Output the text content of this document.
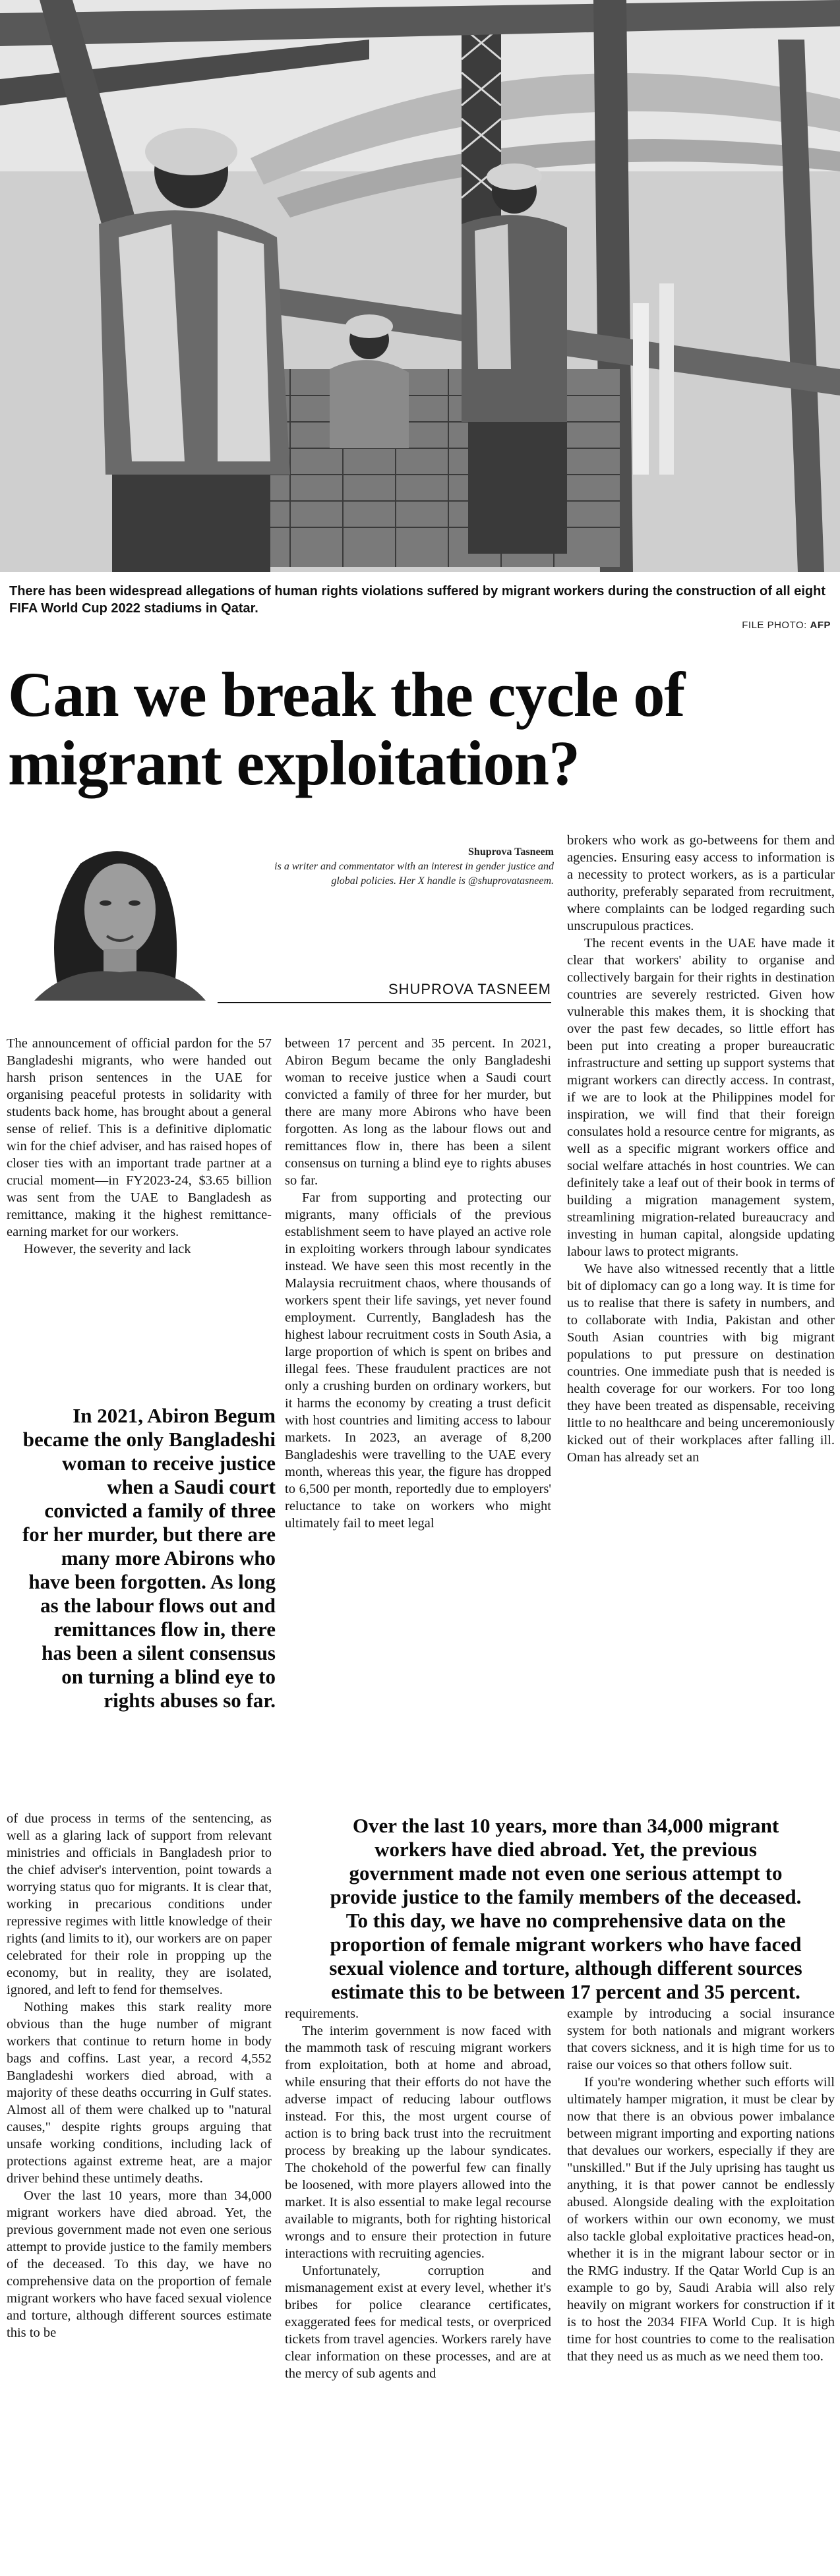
There has been widespread allegations of human rights violations suffered by migrant workers during the construction of all eight FIFA World Cup 2022 stadiums in Qatar.
FILE PHOTO: AFP
Can we break the cycle of migrant exploitation?
Shuprova Tasneem
is a writer and commentator with an interest in gender justice and global policies. Her X handle is @shuprovatasneem.
SHUPROVA TASNEEM

The announcement of official pardon for the 57 Bangladeshi migrants, who were handed out harsh prison sentences in the UAE for organising peaceful protests in solidarity with students back home, has brought about a general sense of relief. This is a definitive diplomatic win for the chief adviser, and has raised hopes of closer ties with an important trade partner at a crucial moment—in FY2023-24, $3.65 billion was sent from the UAE to Bangladesh as remittance, making it the highest remittance-earning market for our workers.

However, the severity and lack

In 2021, Abiron Begum became the only Bangladeshi woman to receive justice when a Saudi court convicted a family of three for her murder, but there are many more Abirons who have been forgotten. As long as the labour flows out and remittances flow in, there has been a silent consensus on turning a blind eye to rights abuses so far.

between 17 percent and 35 percent. In 2021, Abiron Begum became the only Bangladeshi woman to receive justice when a Saudi court convicted a family of three for her murder, but there are many more Abirons who have been forgotten. As long as the labour flows out and remittances flow in, there has been a silent consensus on turning a blind eye to rights abuses so far.

Far from supporting and protecting our migrants, many officials of the previous establishment seem to have played an active role in exploiting workers through labour syndicates instead. We have seen this most recently in the Malaysia recruitment chaos, where thousands of workers spent their life savings, yet never found employment. Currently, Bangladesh has the highest labour recruitment costs in South Asia, a large proportion of which is spent on bribes and illegal fees. These fraudulent practices are not only a crushing burden on ordinary workers, but it harms the economy by creating a trust deficit with host countries and limiting access to labour markets. In 2023, an average of 8,200 Bangladeshis were travelling to the UAE every month, whereas this year, the figure has dropped to 6,500 per month, reportedly due to employers' reluctance to take on workers who might ultimately fail to meet legal

brokers who work as go-betweens for them and agencies. Ensuring easy access to information is a necessity to protect workers, as is a particular authority, preferably separated from recruitment, where complaints can be lodged regarding such unscrupulous practices.

The recent events in the UAE have made it clear that workers' ability to organise and collectively bargain for their rights in destination countries are severely restricted. Given how vulnerable this makes them, it is shocking that over the past few decades, so little effort has been put into creating a proper bureaucratic infrastructure and setting up support systems that migrant workers can directly access. In contrast, if we are to look at the Philippines model for inspiration, we will find that their foreign consulates hold a resource centre for migrants, as well as a specific migrant workers office and social welfare attachés in host countries. We can definitely take a leaf out of their book in terms of building a migration management system, streamlining migration-related bureaucracy and investing in human capital, alongside updating labour laws to protect migrants.

We have also witnessed recently that a little bit of diplomacy can go a long way. It is time for us to realise that there is safety in numbers, and to collaborate with India, Pakistan and other South Asian countries with big migrant populations to put pressure on destination countries. One immediate push that is needed is health coverage for our workers. For too long they have been treated as dispensable, receiving little to no healthcare and being unceremoniously kicked out of their workplaces after falling ill. Oman has already set an

Over the last 10 years, more than 34,000 migrant workers have died abroad. Yet, the previous government made not even one serious attempt to provide justice to the family members of the deceased. To this day, we have no comprehensive data on the proportion of female migrant workers who have faced sexual violence and torture, although different sources estimate this to be between 17 percent and 35 percent.

of due process in terms of the sentencing, as well as a glaring lack of support from relevant ministries and officials in Bangladesh prior to the chief adviser's intervention, point towards a worrying status quo for migrants. It is clear that, working in precarious conditions under repressive regimes with little knowledge of their rights (and limits to it), our workers are on paper celebrated for their role in propping up the economy, but in reality, they are isolated, ignored, and left to fend for themselves.

Nothing makes this stark reality more obvious than the huge number of migrant workers that continue to return home in body bags and coffins. Last year, a record 4,552 Bangladeshi workers died abroad, with a majority of these deaths occurring in Gulf states. Almost all of them were chalked up to "natural causes," despite rights groups arguing that unsafe working conditions, including lack of protections against extreme heat, are a major driver behind these untimely deaths.

Over the last 10 years, more than 34,000 migrant workers have died abroad. Yet, the previous government made not even one serious attempt to provide justice to the family members of the deceased. To this day, we have no comprehensive data on the proportion of female migrant workers who have faced sexual violence and torture, although different sources estimate this to be

requirements.

The interim government is now faced with the mammoth task of rescuing migrant workers from exploitation, both at home and abroad, while ensuring that their efforts do not have the adverse impact of reducing labour outflows instead. For this, the most urgent course of action is to bring back trust into the recruitment process by breaking up the labour syndicates. The chokehold of the powerful few can finally be loosened, with more players allowed into the market. It is also essential to make legal recourse available to migrants, both for righting historical wrongs and to ensure their protection in future interactions with recruiting agencies.

Unfortunately, corruption and mismanagement exist at every level, whether it's bribes for police clearance certificates, exaggerated fees for medical tests, or overpriced tickets from travel agencies. Workers rarely have clear information on these processes, and are at the mercy of sub agents and

example by introducing a social insurance system for both nationals and migrant workers that covers sickness, and it is high time for us to raise our voices so that others follow suit.

If you're wondering whether such efforts will ultimately hamper migration, it must be clear by now that there is an obvious power imbalance between migrant importing and exporting nations that devalues our workers, especially if they are "unskilled." But if the July uprising has taught us anything, it is that power cannot be endlessly abused. Alongside dealing with the exploitation of workers within our own economy, we must also tackle global exploitative practices head-on, whether it is in the migrant labour sector or in the RMG industry. If the Qatar World Cup is an example to go by, Saudi Arabia will also rely heavily on migrant workers for construction if it is to host the 2034 FIFA World Cup. It is high time for host countries to come to the realisation that they need us as much as we need them too.
